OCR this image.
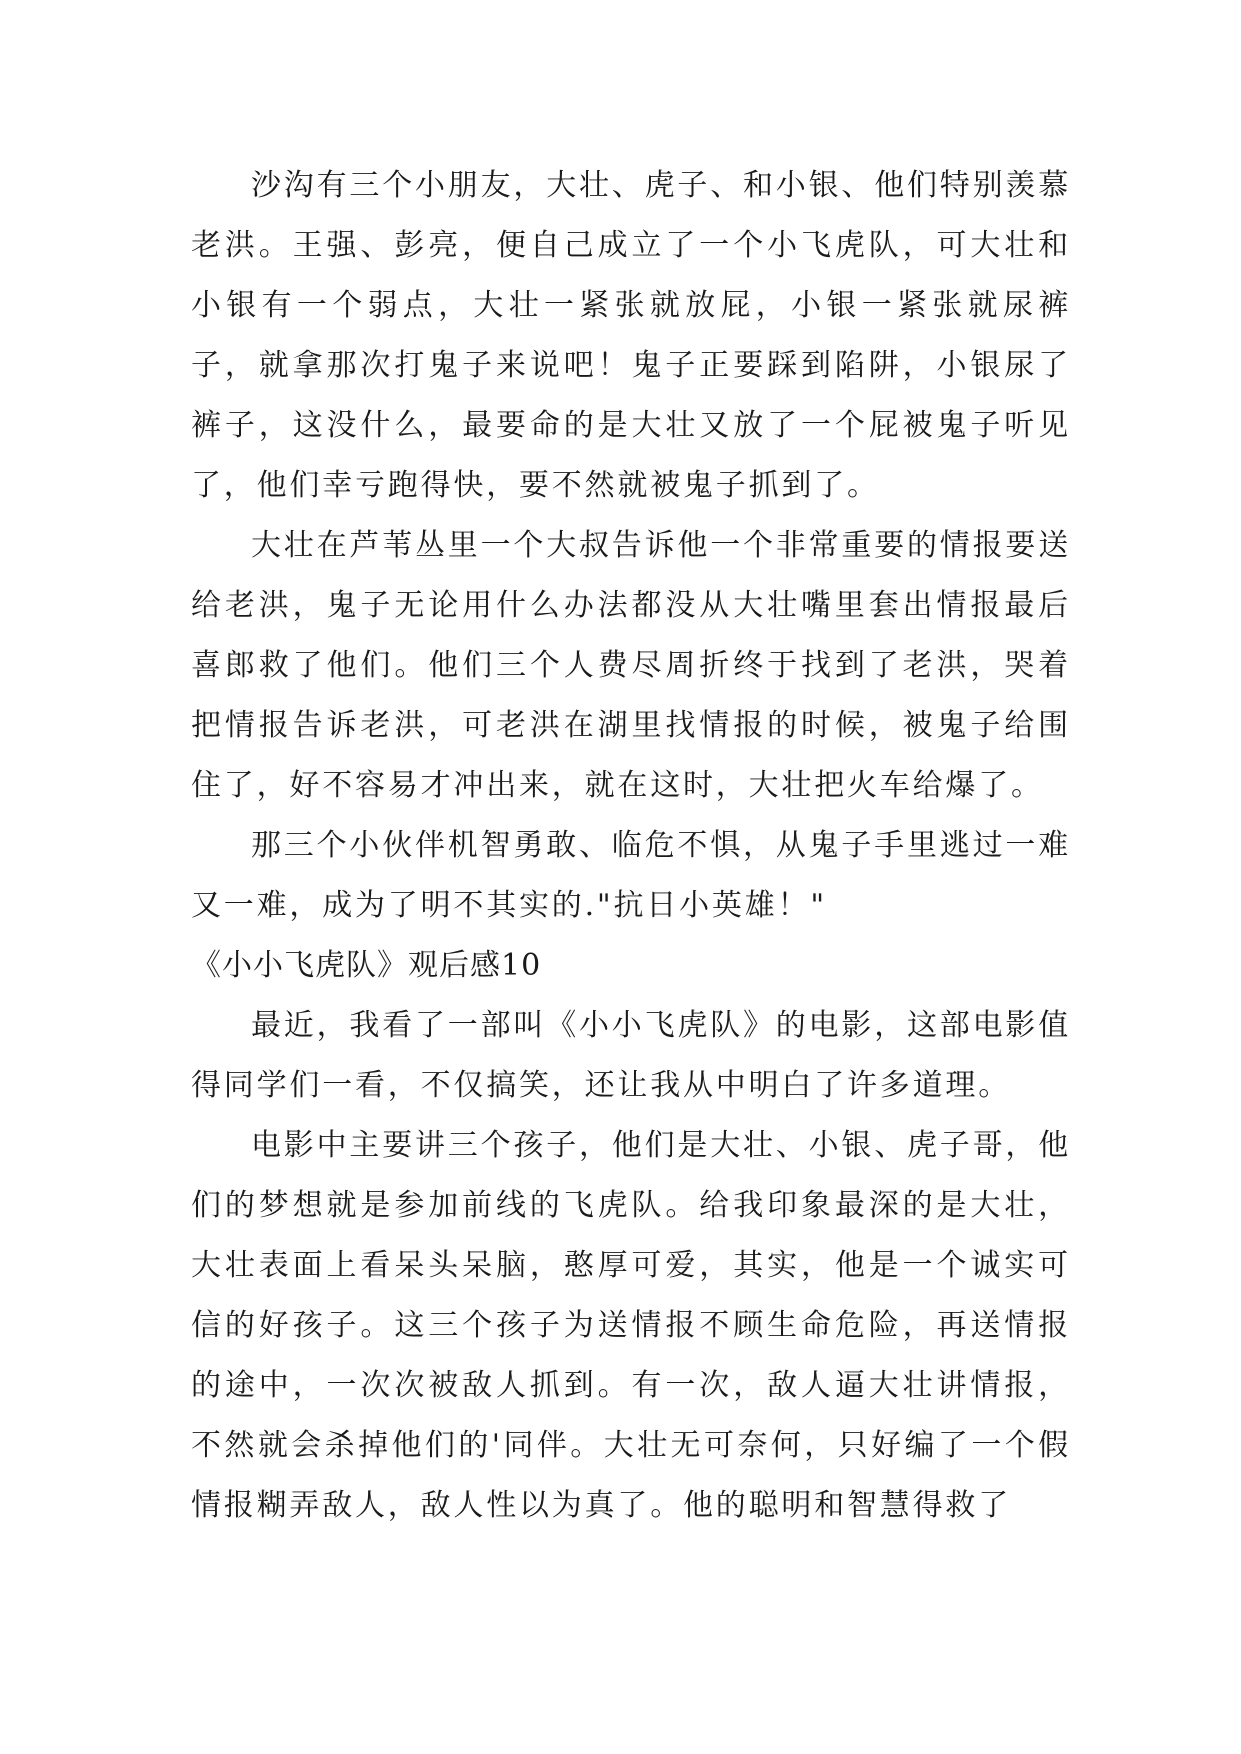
沙沟有三个小朋友，大壮、虎子、和小银、他们特别羡慕老洪。王强、彭亮，便自己成立了一个小飞虎队，可大壮和小银有一个弱点，大壮一紧张就放屁，小银一紧张就尿裤子，就拿那次打鬼子来说吧！鬼子正要踩到陷阱，小银尿了裤子，这没什么，最要命的是大壮又放了一个屁被鬼子听见了，他们幸亏跑得快，要不然就被鬼子抓到了。

大壮在芦苇丛里一个大叔告诉他一个非常重要的情报要送给老洪，鬼子无论用什么办法都没从大壮嘴里套出情报最后喜郎救了他们。他们三个人费尽周折终于找到了老洪，哭着把情报告诉老洪，可老洪在湖里找情报的时候，被鬼子给围住了，好不容易才冲出来，就在这时，大壮把火车给爆了。

那三个小伙伴机智勇敢、临危不惧，从鬼子手里逃过一难又一难，成为了明不其实的."抗日小英雄！"

《小小飞虎队》观后感10

最近，我看了一部叫《小小飞虎队》的电影，这部电影值得同学们一看，不仅搞笑，还让我从中明白了许多道理。

电影中主要讲三个孩子，他们是大壮、小银、虎子哥，他们的梦想就是参加前线的飞虎队。给我印象最深的是大壮，大壮表面上看呆头呆脑，憨厚可爱，其实，他是一个诚实可信的好孩子。这三个孩子为送情报不顾生命危险，再送情报的途中，一次次被敌人抓到。有一次，敌人逼大壮讲情报，不然就会杀掉他们的'同伴。大壮无可奈何，只好编了一个假情报糊弄敌人，敌人性以为真了。他的聪明和智慧得救了
